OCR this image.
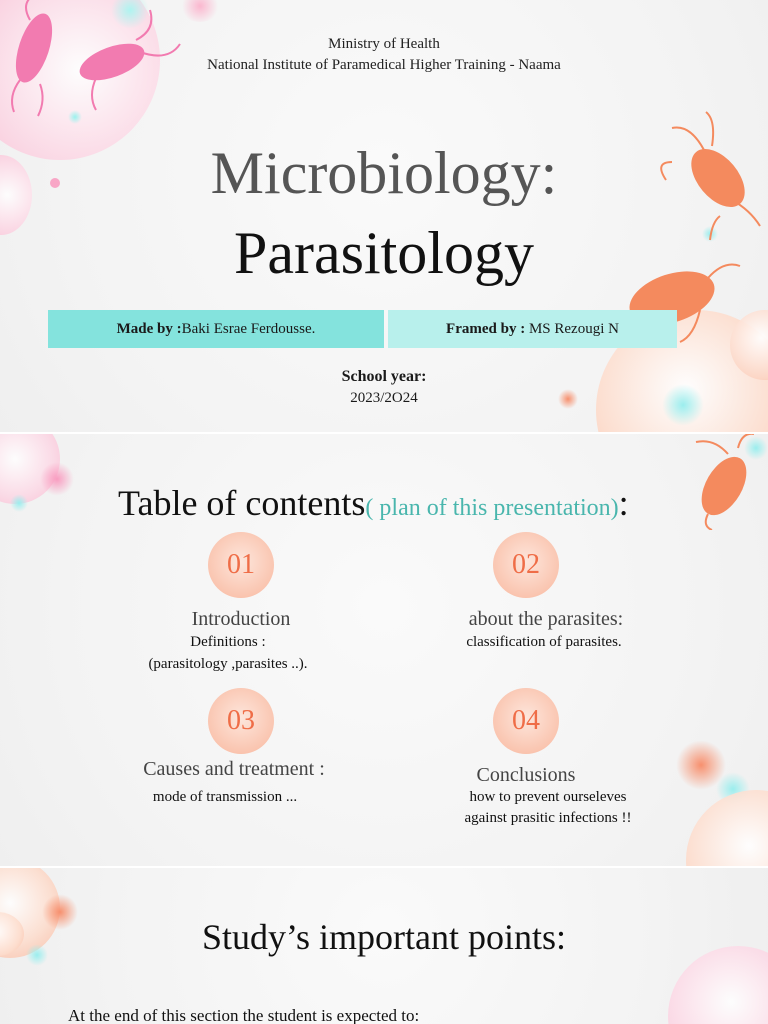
Ministry of Health
National Institute of Paramedical Higher Training - Naama
Microbiology:
Parasitology
Made by :Baki Esrae Ferdousse.	Framed by : MS Rezougi N
School year:
2023/2O24
Table of contents( plan of this presentation):
01
Introduction
Definitions :
(parasitology ,parasites ..).
02
about the parasites:
classification of parasites.
03
Causes and treatment :
mode of transmission ...
04
Conclusions
how to prevent ourseleves
against prasitic infections !!
Study’s important points:
At the end of this section the student is expected to:
